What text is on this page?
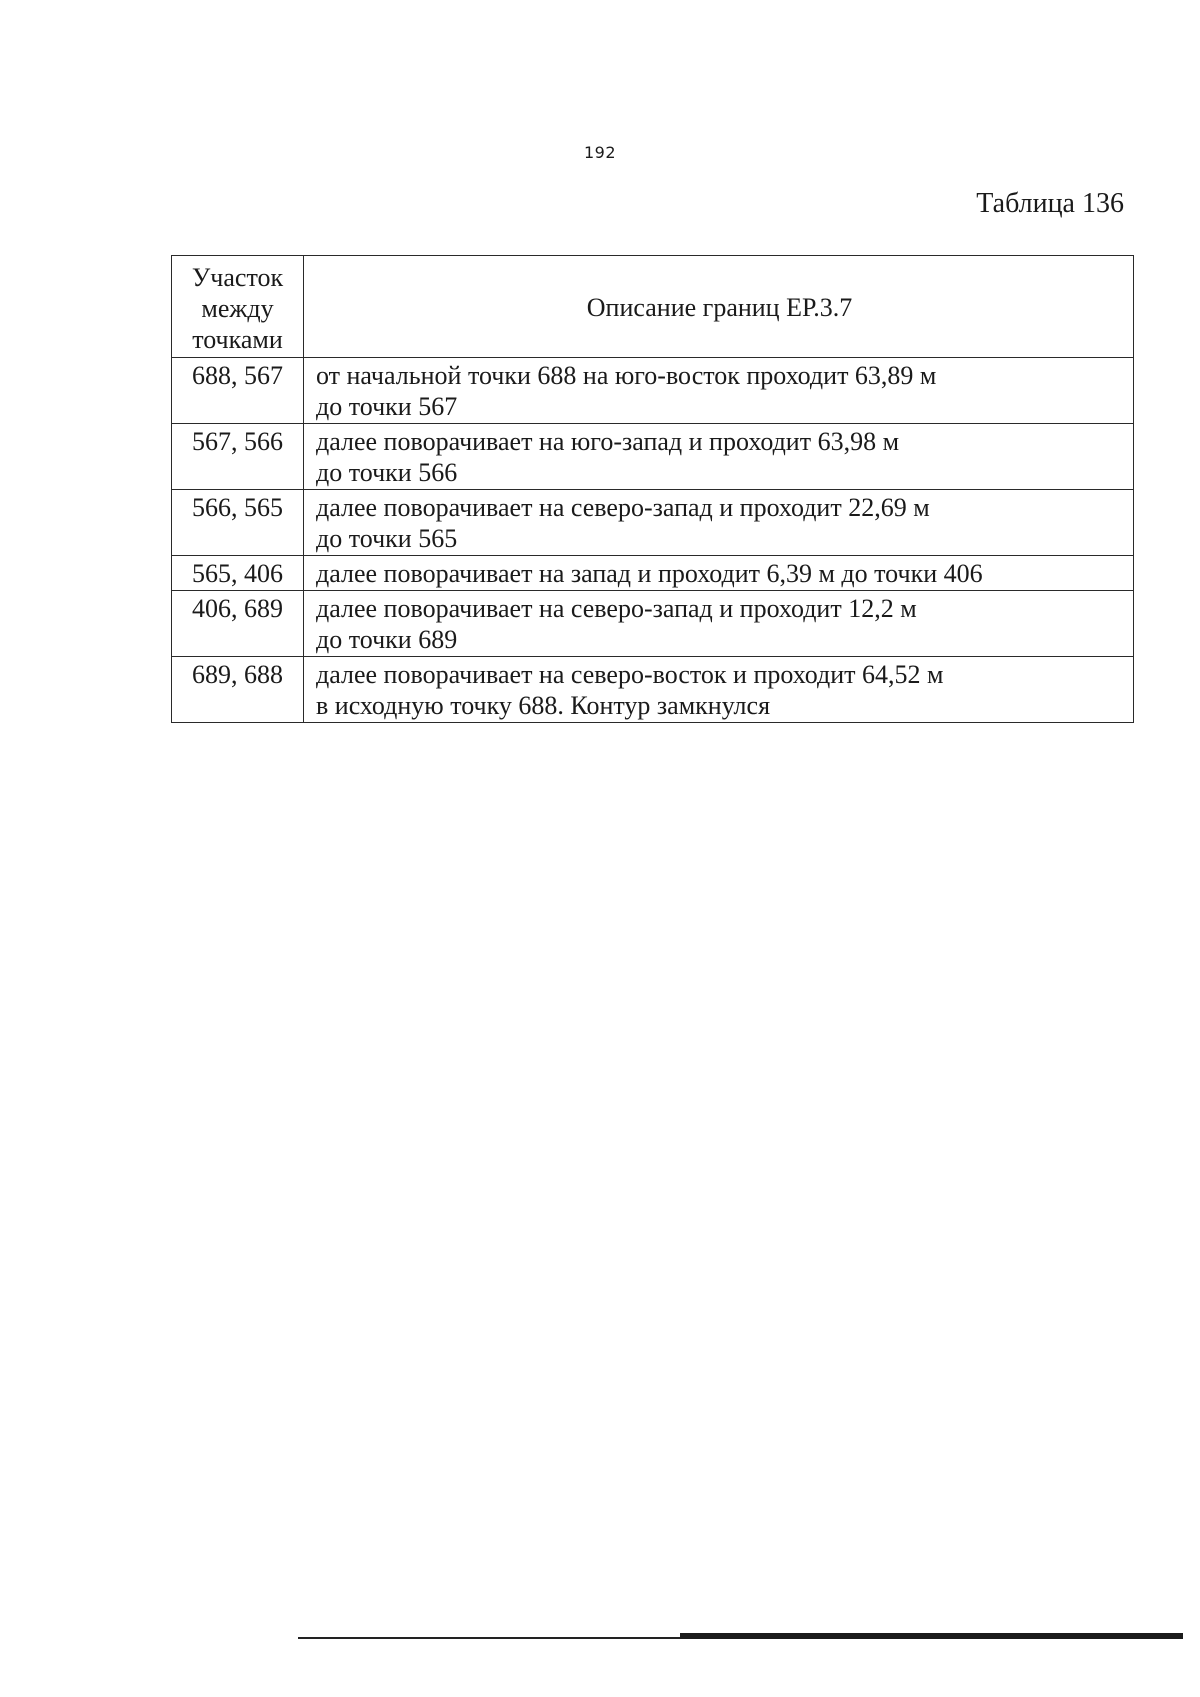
192
Таблица 136
Участок между точками	Описание границ ЕР.3.7
688, 567	от начальной точки 688 на юго-восток проходит 63,89 м
до точки 567

567, 566	далее поворачивает на юго-запад и проходит 63,98 м
до точки 566

566, 565	далее поворачивает на северо-запад и проходит 22,69 м
до точки 565

565, 406	далее поворачивает на запад и проходит 6,39 м до точки 406

406, 689	далее поворачивает на северо-запад и проходит 12,2 м
до точки 689

689, 688	далее поворачивает на северо-восток и проходит 64,52 м
в исходную точку 688. Контур замкнулся
